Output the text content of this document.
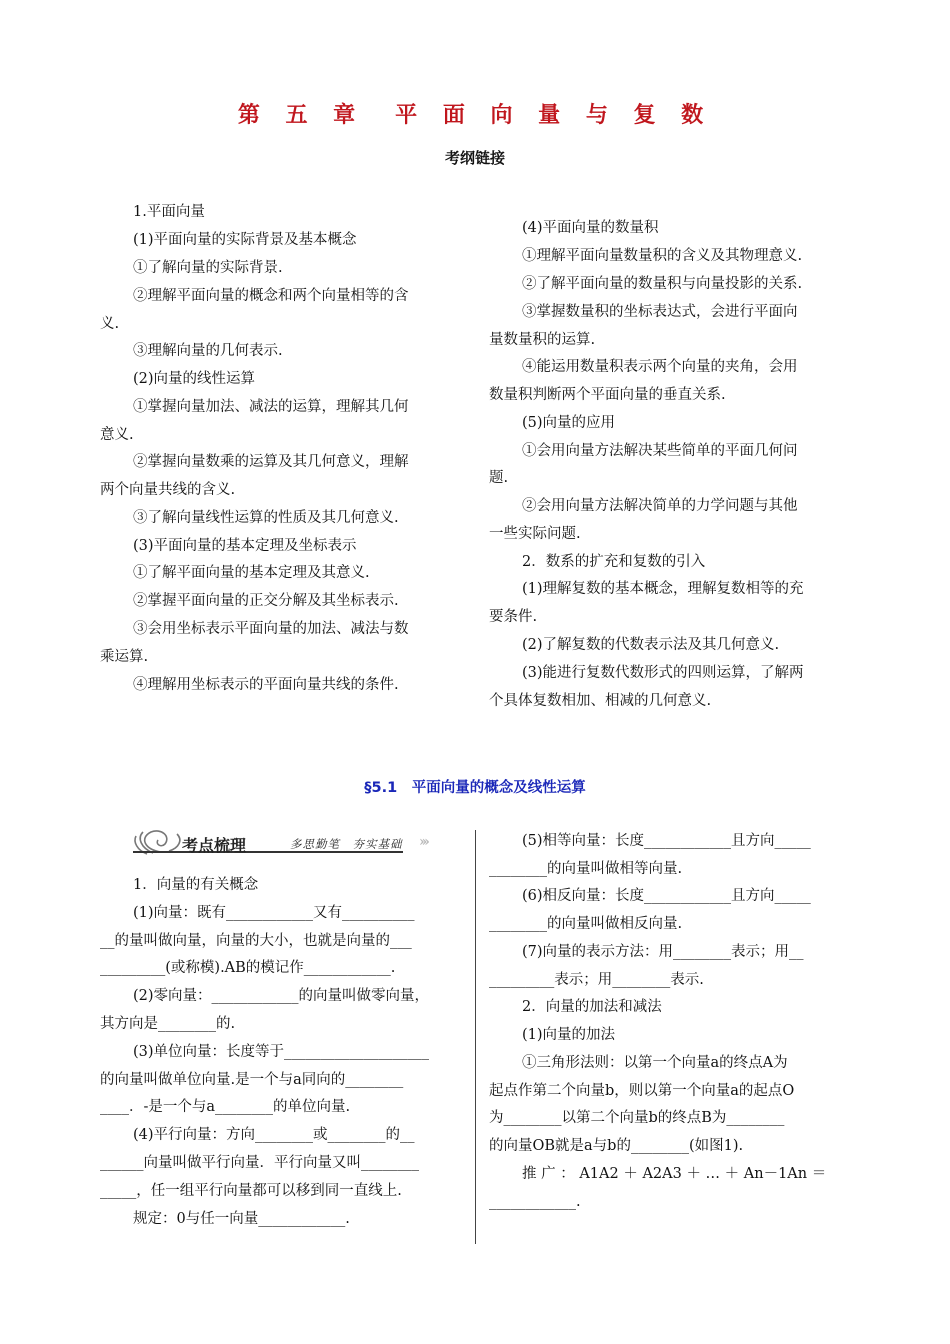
第 五 章　平 面 向 量 与 复 数
考纲链接
1.平面向量
(1)平面向量的实际背景及基本概念
①了解向量的实际背景.
②理解平面向量的概念和两个向量相等的含
义.
③理解向量的几何表示.
(2)向量的线性运算
①掌握向量加法、减法的运算，理解其几何
意义.
②掌握向量数乘的运算及其几何意义，理解
两个向量共线的含义.
③了解向量线性运算的性质及其几何意义.
(3)平面向量的基本定理及坐标表示
①了解平面向量的基本定理及其意义.
②掌握平面向量的正交分解及其坐标表示.
③会用坐标表示平面向量的加法、减法与数
乘运算.
④理解用坐标表示的平面向量共线的条件.
(4)平面向量的数量积
①理解平面向量数量积的含义及其物理意义.
②了解平面向量的数量积与向量投影的关系.
③掌握数量积的坐标表达式，会进行平面向
量数量积的运算.
④能运用数量积表示两个向量的夹角，会用
数量积判断两个平面向量的垂直关系.
(5)向量的应用
①会用向量方法解决某些简单的平面几何问
题.
②会用向量方法解决简单的力学问题与其他
一些实际问题.
2．数系的扩充和复数的引入
(1)理解复数的基本概念，理解复数相等的充
要条件.
(2)了解复数的代数表示法及其几何意义.
(3)能进行复数代数形式的四则运算，了解两
个具体复数相加、相减的几何意义.
§5.1　平面向量的概念及线性运算
考点梳理	多思勤笔　夯实基础 ›››
1．向量的有关概念
(1)向量：既有____________又有__________
__的量叫做向量，向量的大小，也就是向量的___
_________(或称模).AB的模记作____________.
(2)零向量：____________的向量叫做零向量，
其方向是________的.
(3)单位向量：长度等于____________________
的向量叫做单位向量.是一个与a同向的________
____．-是一个与a________的单位向量.
(4)平行向量：方向________或________的__
______向量叫做平行向量．平行向量又叫________
_____，任一组平行向量都可以移到同一直线上.
规定：0与任一向量____________.
(5)相等向量：长度____________且方向_____
________的向量叫做相等向量.
(6)相反向量：长度____________且方向_____
________的向量叫做相反向量.
(7)向量的表示方法：用________表示；用__
_________表示；用________表示.
2．向量的加法和减法
(1)向量的加法
①三角形法则：以第一个向量a的终点A为
起点作第二个向量b，则以第一个向量a的起点O
为________以第二个向量b的终点B为________
的向量OB就是a与b的________(如图1).
推 广 ： A1A2 ＋ A2A3 ＋ … ＋ An－1An ＝
____________.
